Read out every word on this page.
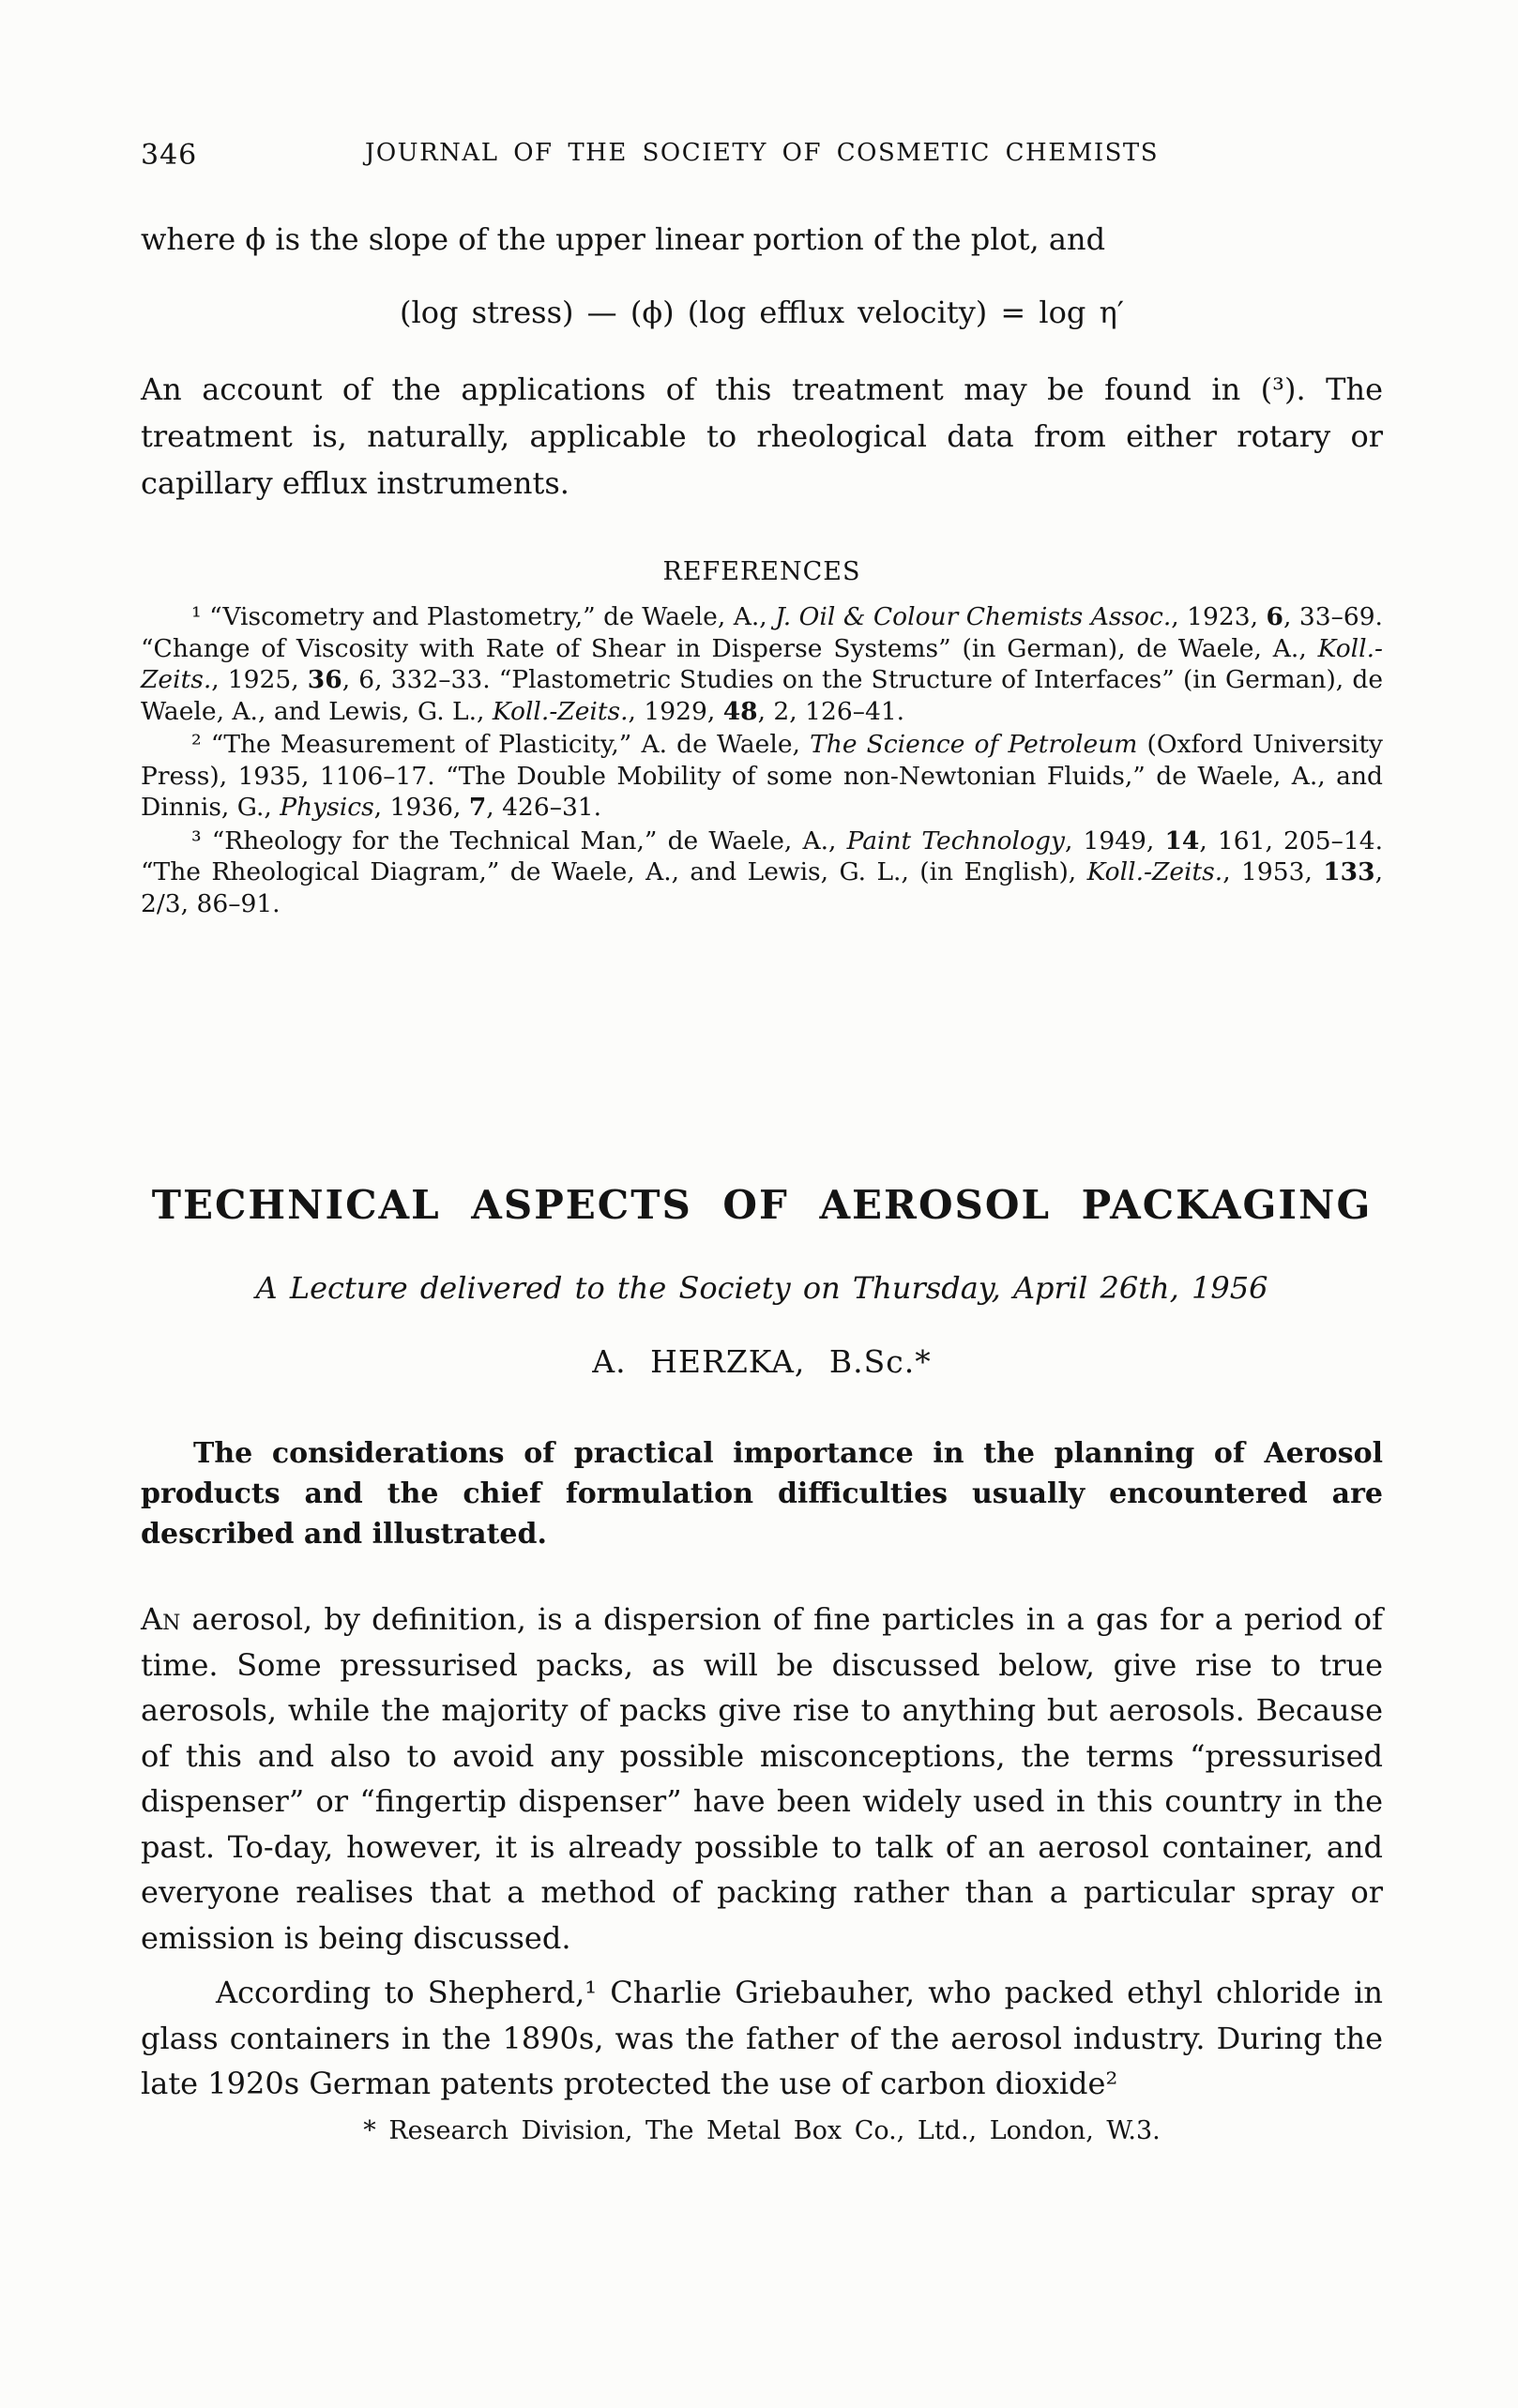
346	JOURNAL OF THE SOCIETY OF COSMETIC CHEMISTS

where ϕ is the slope of the upper linear portion of the plot, and

(log stress) — (ϕ) (log efflux velocity) = log η′

An account of the applications of this treatment may be found in (³). The treatment is, naturally, applicable to rheological data from either rotary or capillary efflux instruments.

REFERENCES

¹ “Viscometry and Plastometry,” de Waele, A., J. Oil & Colour Chemists Assoc., 1923, 6, 33–69. “Change of Viscosity with Rate of Shear in Disperse Systems” (in German), de Waele, A., Koll.-Zeits., 1925, 36, 6, 332–33. “Plastometric Studies on the Structure of Interfaces” (in German), de Waele, A., and Lewis, G. L., Koll.-Zeits., 1929, 48, 2, 126–41.

² “The Measurement of Plasticity,” A. de Waele, The Science of Petroleum (Oxford University Press), 1935, 1106–17. “The Double Mobility of some non-Newtonian Fluids,” de Waele, A., and Dinnis, G., Physics, 1936, 7, 426–31.

³ “Rheology for the Technical Man,” de Waele, A., Paint Technology, 1949, 14, 161, 205–14. “The Rheological Diagram,” de Waele, A., and Lewis, G. L., (in English), Koll.-Zeits., 1953, 133, 2/3, 86–91.

TECHNICAL ASPECTS OF AEROSOL PACKAGING

A Lecture delivered to the Society on Thursday, April 26th, 1956

A. HERZKA, B.Sc.*

The considerations of practical importance in the planning of Aerosol products and the chief formulation difficulties usually encountered are described and illustrated.

An aerosol, by definition, is a dispersion of fine particles in a gas for a period of time. Some pressurised packs, as will be discussed below, give rise to true aerosols, while the majority of packs give rise to anything but aerosols. Because of this and also to avoid any possible misconceptions, the terms “pressurised dispenser” or “fingertip dispenser” have been widely used in this country in the past. To-day, however, it is already possible to talk of an aerosol container, and everyone realises that a method of packing rather than a particular spray or emission is being discussed.

According to Shepherd,¹ Charlie Griebauher, who packed ethyl chloride in glass containers in the 1890s, was the father of the aerosol industry. During the late 1920s German patents protected the use of carbon dioxide²

* Research Division, The Metal Box Co., Ltd., London, W.3.
